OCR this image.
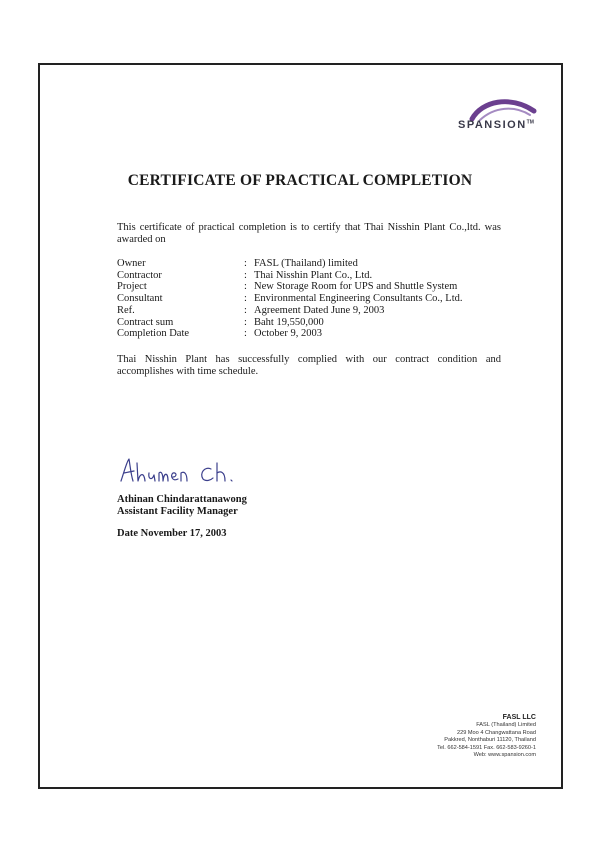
SPANSION™
CERTIFICATE OF PRACTICAL COMPLETION
This certificate of practical completion is to certify that Thai Nisshin Plant Co.,ltd. was awarded on
Owner	: FASL (Thailand) limited
Contractor	: Thai Nisshin Plant Co., Ltd.
Project	: New Storage Room for UPS and Shuttle System
Consultant	: Environmental Engineering Consultants Co., Ltd.
Ref.	: Agreement Dated June 9, 2003
Contract sum	: Baht 19,550,000
Completion Date	: October 9, 2003
Thai Nisshin Plant has successfully complied with our contract condition and accomplishes with time schedule.
Athinan Chindarattanawong
Assistant Facility Manager
Date November 17, 2003
FASL LLC
FASL (Thailand) Limited
229 Moo 4 Changwattana Road
Pakkred, Nonthaburi 11120, Thailand
Tel. 662-584-1591 Fax. 662-583-9260-1
Web: www.spansion.com
